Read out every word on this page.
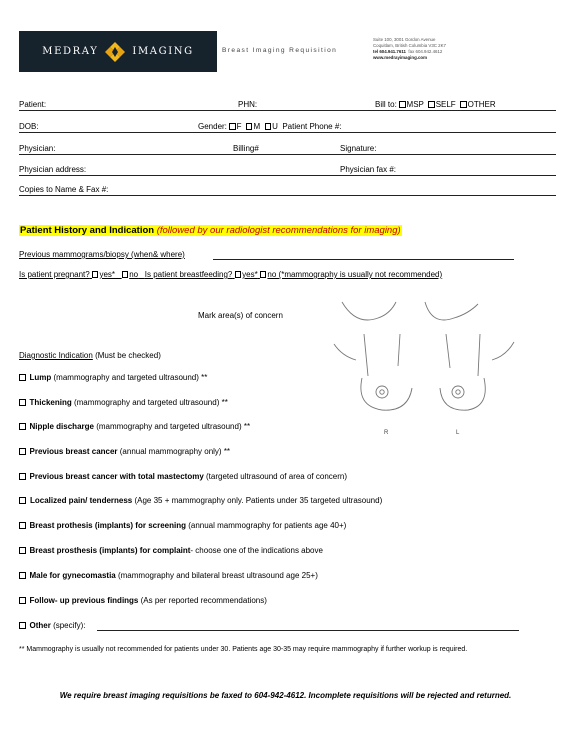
MEDRAY	IMAGING	Breast Imaging Requisition
Suite 100, 3001 Gordon Avenue
Coquitlam, British Columbia V3C 2K7
tel 604.941.7611 fax 604.942.4612
www.medrayimaging.com
Patient:	PHN:	Bill to: MSP SELF OTHER
DOB:	Gender: F M U Patient Phone #:
Physician:	Billing#	Signature:
Physician address:	Physician fax #:
Copies to Name & Fax #:
Patient History and Indication (followed by our radiologist recommendations for imaging)
Previous mammograms/biopsy (when& where)
Is patient pregnant? yes* no Is patient breastfeeding? yes* no (*mammography is usually not recommended)
Mark area(s) of concern
R	L
Diagnostic Indication (Must be checked)
Lump (mammography and targeted ultrasound) **
Thickening (mammography and targeted ultrasound) **
Nipple discharge (mammography and targeted ultrasound) **
Previous breast cancer (annual mammography only) **
Previous breast cancer with total mastectomy (targeted ultrasound of area of concern)
Localized pain/ tenderness (Age 35 + mammography only. Patients under 35 targeted ultrasound)
Breast prothesis (implants) for screening (annual mammography for patients age 40+)
Breast prosthesis (implants) for complaint- choose one of the indications above
Male for gynecomastia (mammography and bilateral breast ultrasound age 25+)
Follow- up previous findings (As per reported recommendations)
Other (specify):
** Mammography is usually not recommended for patients under 30. Patients age 30-35 may require mammography if further workup is required.
We require breast imaging requisitions be faxed to 604-942-4612. Incomplete requisitions will be rejected and returned.
